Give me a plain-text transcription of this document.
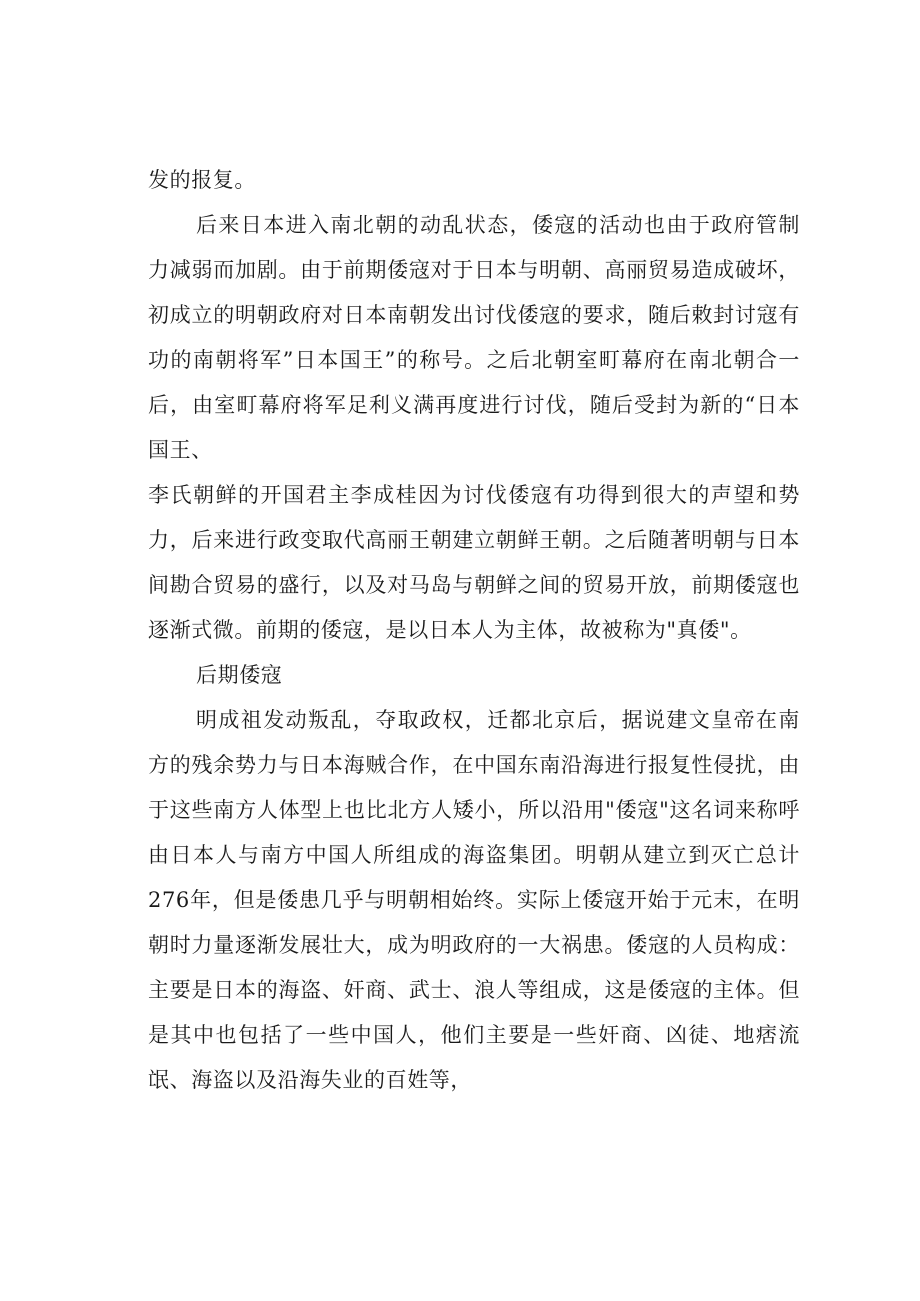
发的报复。

后来日本进入南北朝的动乱状态，倭寇的活动也由于政府管制力减弱而加剧。由于前期倭寇对于日本与明朝、高丽贸易造成破坏，初成立的明朝政府对日本南朝发出讨伐倭寇的要求，随后敕封讨寇有功的南朝将军”日本国王”的称号。之后北朝室町幕府在南北朝合一后，由室町幕府将军足利义满再度进行讨伐，随后受封为新的“日本国王、

李氏朝鲜的开国君主李成桂因为讨伐倭寇有功得到很大的声望和势力，后来进行政变取代高丽王朝建立朝鲜王朝。之后随著明朝与日本间勘合贸易的盛行，以及对马岛与朝鲜之间的贸易开放，前期倭寇也逐渐式微。前期的倭寇，是以日本人为主体，故被称为"真倭"。

后期倭寇

明成祖发动叛乱，夺取政权，迁都北京后，据说建文皇帝在南方的残余势力与日本海贼合作，在中国东南沿海进行报复性侵扰，由于这些南方人体型上也比北方人矮小，所以沿用"倭寇"这名词来称呼由日本人与南方中国人所组成的海盗集团。明朝从建立到灭亡总计276年，但是倭患几乎与明朝相始终。实际上倭寇开始于元末，在明朝时力量逐渐发展壮大，成为明政府的一大祸患。倭寇的人员构成：主要是日本的海盗、奸商、武士、浪人等组成，这是倭寇的主体。但是其中也包括了一些中国人，他们主要是一些奸商、凶徒、地痞流氓、海盗以及沿海失业的百姓等，
